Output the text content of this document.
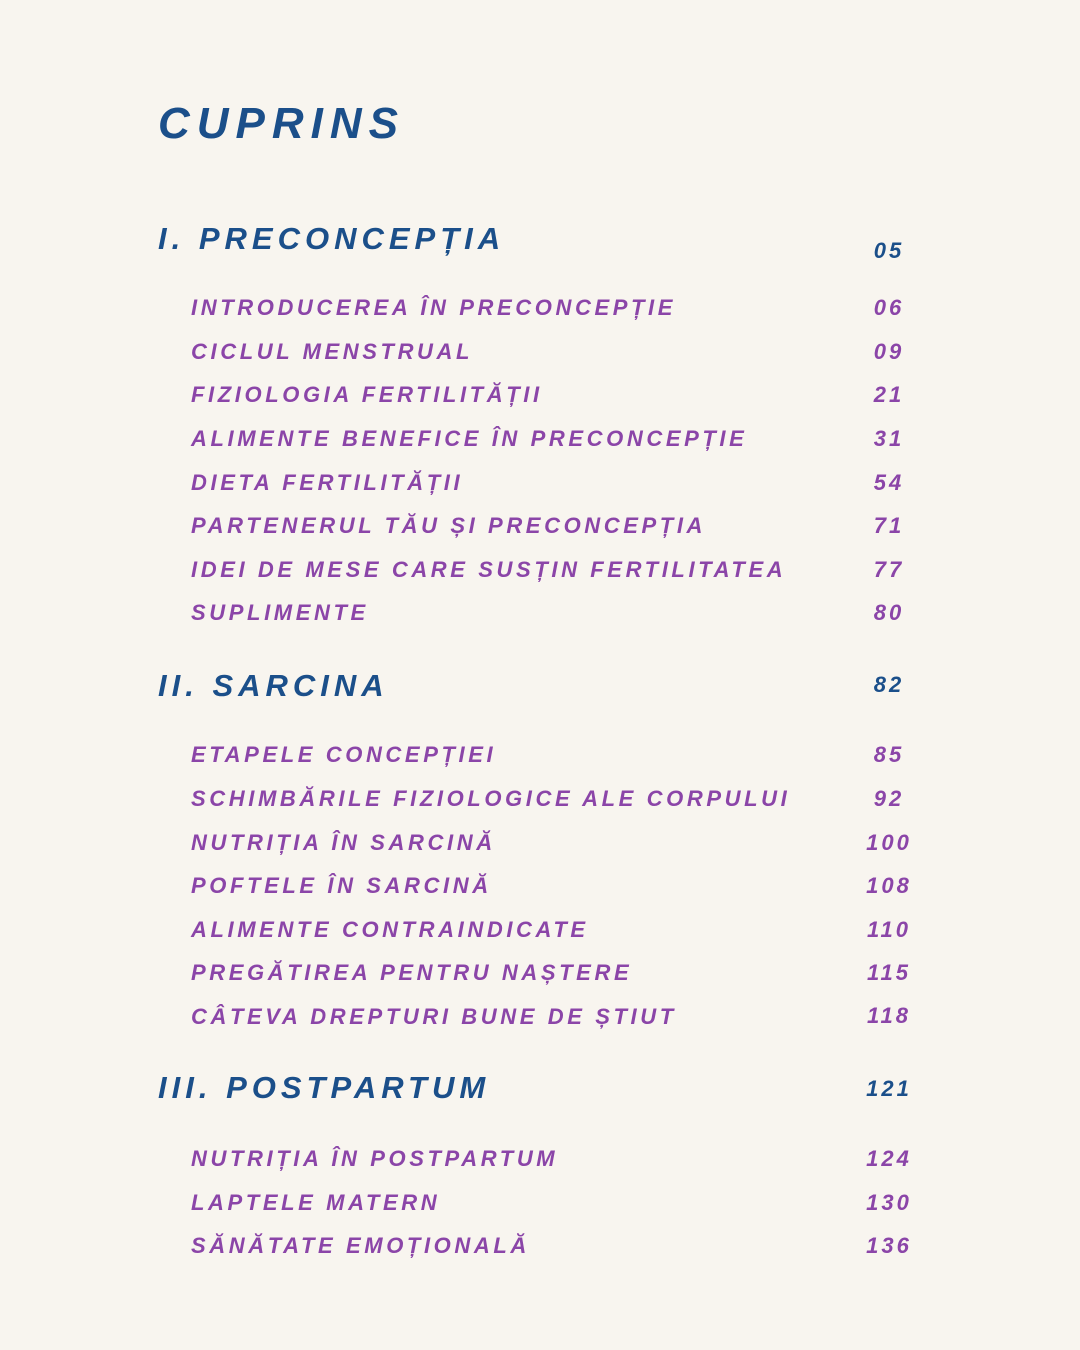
CUPRINS
I. PRECONCEPȚIA	05
INTRODUCEREA ÎN PRECONCEPȚIE	06
CICLUL MENSTRUAL	09
FIZIOLOGIA FERTILITĂȚII	21
ALIMENTE BENEFICE ÎN PRECONCEPȚIE	31
DIETA FERTILITĂȚII	54
PARTENERUL TĂU ȘI PRECONCEPȚIA	71
IDEI DE MESE CARE SUSȚIN FERTILITATEA	77
SUPLIMENTE	80
II. SARCINA	82
ETAPELE CONCEPȚIEI	85
SCHIMBĂRILE FIZIOLOGICE ALE CORPULUI	92
NUTRIȚIA ÎN SARCINĂ	100
POFTELE ÎN SARCINĂ	108
ALIMENTE CONTRAINDICATE	110
PREGĂTIREA PENTRU NAȘTERE	115
CÂTEVA DREPTURI BUNE DE ȘTIUT	118
III. POSTPARTUM	121
NUTRIȚIA ÎN POSTPARTUM	124
LAPTELE MATERN	130
SĂNĂTATE EMOȚIONALĂ	136
